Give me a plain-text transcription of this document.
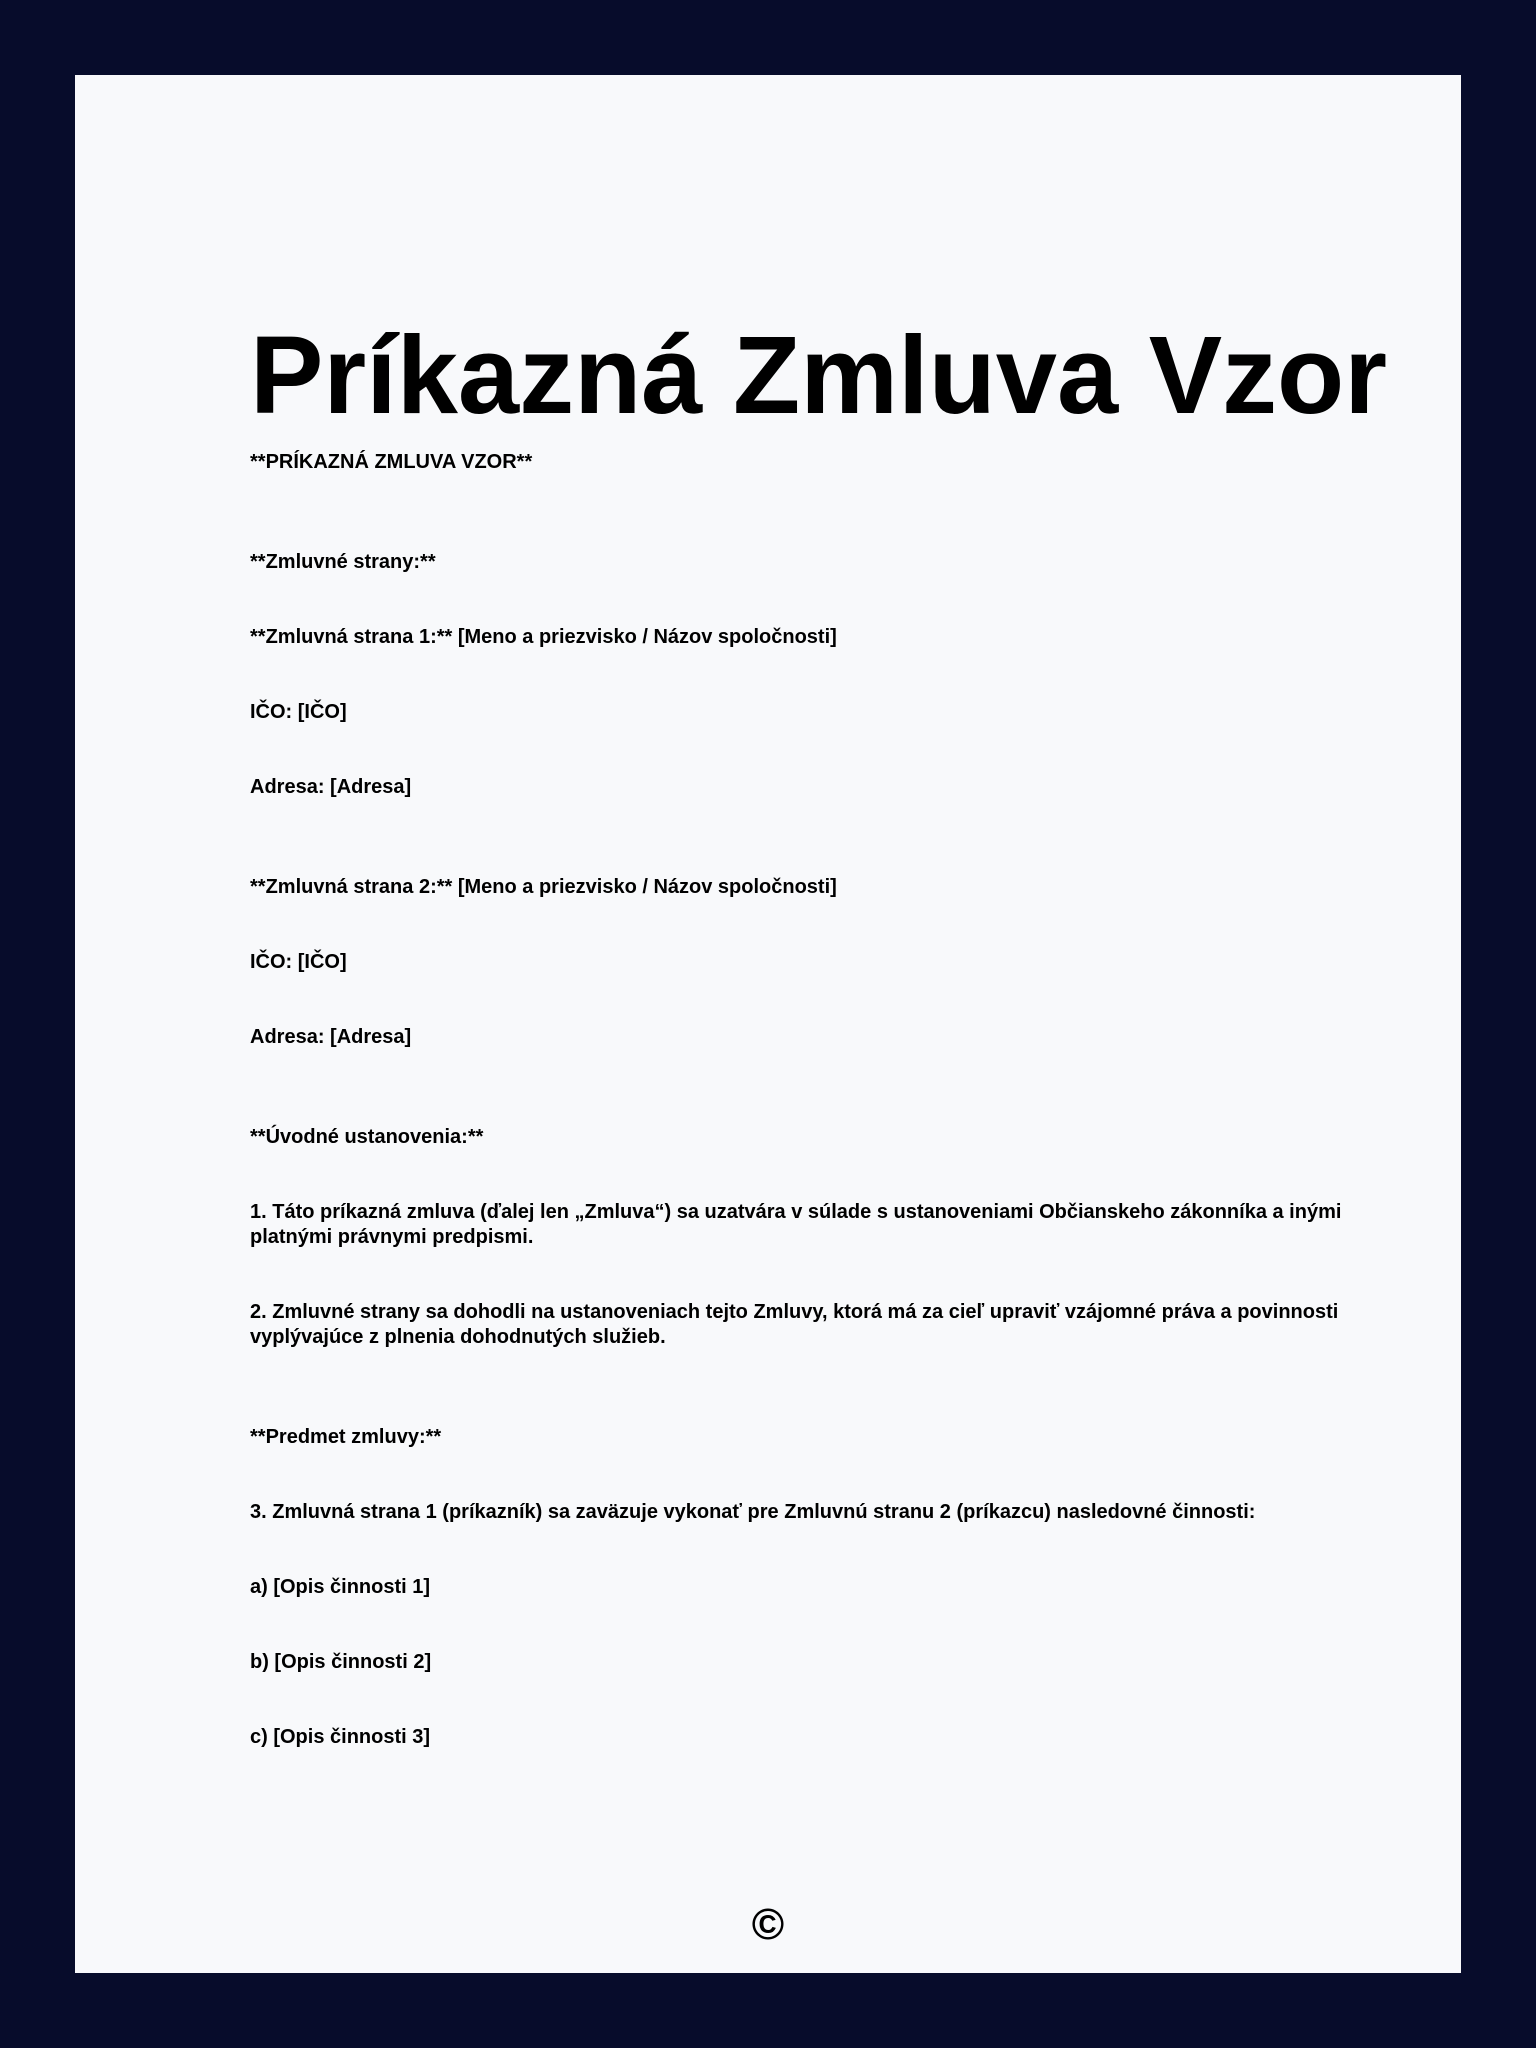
Príkazná Zmluva Vzor

**PRÍKAZNÁ ZMLUVA VZOR**

**Zmluvné strany:**

**Zmluvná strana 1:** [Meno a priezvisko / Názov spoločnosti]

IČO: [IČO]

Adresa: [Adresa]

**Zmluvná strana 2:** [Meno a priezvisko / Názov spoločnosti]

IČO: [IČO]

Adresa: [Adresa]

**Úvodné ustanovenia:**

1. Táto príkazná zmluva (ďalej len „Zmluva“) sa uzatvára v súlade s ustanoveniami Občianskeho zákonníka a inými platnými právnymi predpismi.

2. Zmluvné strany sa dohodli na ustanoveniach tejto Zmluvy, ktorá má za cieľ upraviť vzájomné práva a povinnosti vyplývajúce z plnenia dohodnutých služieb.

**Predmet zmluvy:**

3. Zmluvná strana 1 (príkazník) sa zaväzuje vykonať pre Zmluvnú stranu 2 (príkazcu) nasledovné činnosti:

a) [Opis činnosti 1]

b) [Opis činnosti 2]

c) [Opis činnosti 3]

©
